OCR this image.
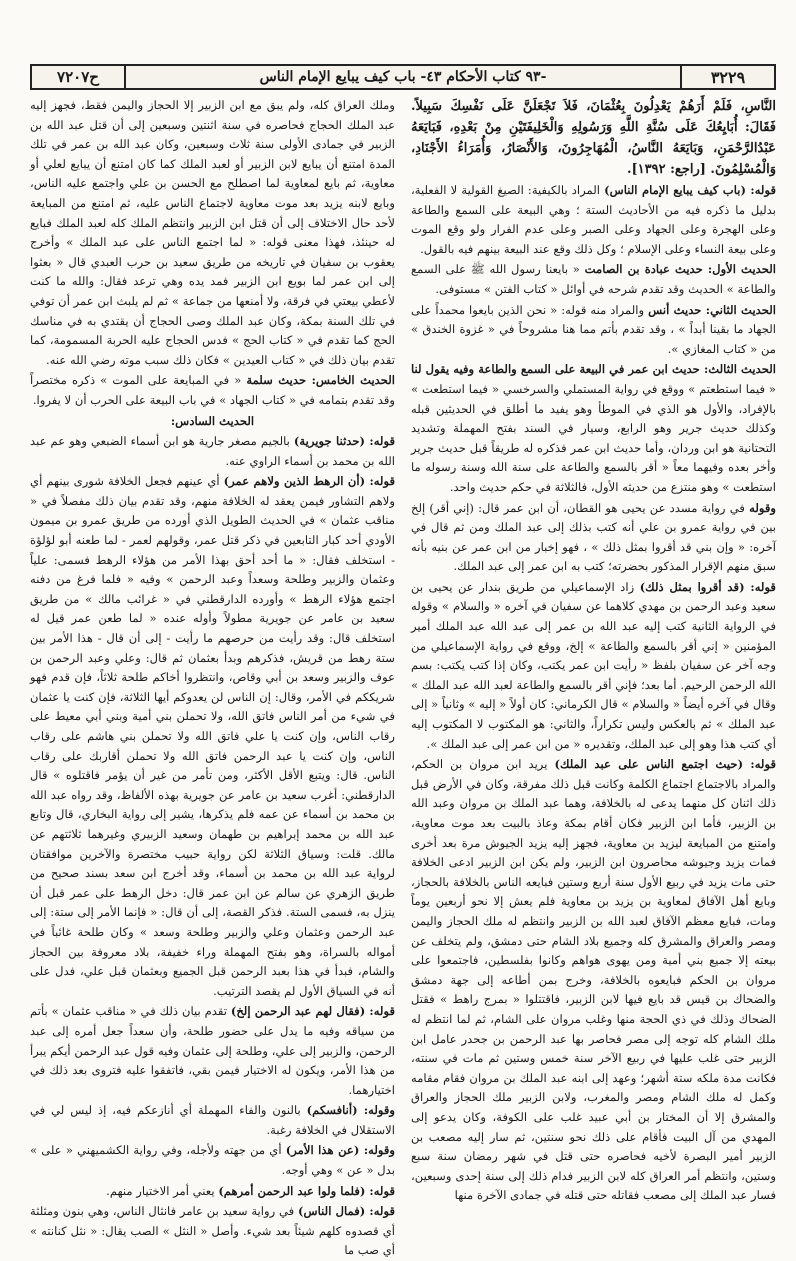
٣٢٢٩
-٩٣ كتاب الأحكام ٤٣- باب كيف يبايع الإمام الناس
ح٧٢٠٧

النَّاسِ، فَلَمْ أَرَهُمْ يَعْدِلُونَ بِعُثْمَانَ، فَلاَ تَجْعَلَنَّ عَلَى نَفْسِكَ سَبِيلاً. فَقَالَ: أُبَايِعُكَ عَلَى سُنَّةِ اللَّهِ وَرَسُولِهِ وَالْخَلِيفَتَيْنِ مِنْ بَعْدِهِ، فَبَايَعَهُ عَبْدُالرَّحْمَنِ، وَبَايَعَهُ النَّاسُ، الْمُهَاجِرُونَ، وَالأَنْصَارُ، وَأُمَرَاءُ الأَجْنَادِ، وَالْمُسْلِمُونَ. [راجع: ١٣٩٢].

قوله: (باب كيف يبايع الإمام الناس) المراد بالكيفية: الصيغ القولية لا الفعلية، بدليل ما ذكره فيه من الأحاديث الستة ؛ وهي البيعة على السمع والطاعة وعلى الهجرة وعلى الجهاد وعلى الصبر وعلى عدم الفرار ولو وقع الموت وعلى بيعة النساء وعلى الإسلام ؛ وكل ذلك وقع عند البيعة بينهم فيه بالقول.

الحديث الأول: حديث عبادة بن الصامت « بايعنا رسول الله ﷺ على السمع والطاعة » الحديث وقد تقدم شرحه في أوائل « كتاب الفتن » مستوفى.

الحديث الثاني: حديث أنس والمراد منه قوله: « نحن الذين بايعوا محمداً على الجهاد ما بقينا أبداً » ، وقد تقدم بأتم مما هنا مشروحاً في « غزوة الخندق » من « كتاب المغازي ».

الحديث الثالث: حديث ابن عمر في البيعة على السمع والطاعة وفيه يقول لنا « فيما استطعتم » ووقع في رواية المستملي والسرخسي « فيما استطعت » بالإفراد، والأول هو الذي في الموطأ وهو يفيد ما أطلق في الحديثين قبله وكذلك حديث جرير وهو الرابع، وسيار في السند بفتح المهملة وتشديد التحتانية هو ابن وردان، وأما حديث ابن عمر فذكره له طريقاً قبل حديث جرير وأخر بعده وفيهما معاً « أقر بالسمع والطاعة على سنة الله وسنة رسوله ما استطعت » وهو منتزع من حديثه الأول، فالثلاثة في حكم حديث واحد.

وقوله في رواية مسدد عن يحيى هو القطان، أن ابن عمر قال: (إني أقر) إلخ بين في رواية عمرو بن علي أنه كتب بذلك إلى عبد الملك ومن ثم قال في آخره: « وإن بني قد أقروا بمثل ذلك » ، فهو إخبار من ابن عمر عن بنيه بأنه سبق منهم الإقرار المذكور بحضرته؛ كتب به ابن عمر إلى عبد الملك.

قوله: (قد أقروا بمثل ذلك) زاد الإسماعيلي من طريق بندار عن يحيى بن سعيد وعبد الرحمن بن مهدي كلاهما عن سفيان في آخره « والسلام » وقوله في الرواية الثانية كتب إليه عبد الله بن عمر إلى عبد الله عبد الملك أمير المؤمنين « إني أقر بالسمع والطاعة » إلخ، ووقع في رواية الإسماعيلي من وجه آخر عن سفيان بلفظ « رأيت ابن عمر يكتب، وكان إذا كتب يكتب: بسم الله الرحمن الرحيم. أما بعد؛ فإني أقر بالسمع والطاعة لعبد الله عبد الملك » وقال في آخره أيضاً « والسلام » قال الكرماني: كان أولاً « إليه » وثانياً « إلى عبد الملك » ثم بالعكس وليس تكراراً، والثاني: هو المكتوب لا المكتوب إليه أي كتب هذا وهو إلى عبد الملك، وتقديره « من ابن عمر إلى عبد الملك ».

قوله: (حيث اجتمع الناس على عبد الملك) يريد ابن مروان بن الحكم، والمراد بالاجتماع اجتماع الكلمة وكانت قبل ذلك مفرقة، وكان في الأرض قبل ذلك اثنان كل منهما يدعى له بالخلافة، وهما عبد الملك بن مروان وعبد الله بن الزبير، فأما ابن الزبير فكان أقام بمكة وعاذ بالبيت بعد موت معاوية، وامتنع من المبايعة ليزيد بن معاوية، فجهز إليه يزيد الجيوش مرة بعد أخرى فمات يزيد وجيوشه محاصرون ابن الزبير، ولم يكن ابن الزبير ادعى الخلافة حتى مات يزيد في ربيع الأول سنة أربع وستين فبايعه الناس بالخلافة بالحجاز، وبايع أهل الآفاق لمعاوية بن يزيد بن معاوية فلم يعش إلا نحو أربعين يوماً ومات، فبايع معظم الآفاق لعبد الله بن الزبير وانتظم له ملك الحجاز واليمن ومصر والعراق والمشرق كله وجميع بلاد الشام حتى دمشق، ولم يتخلف عن بيعته إلا جميع بني أمية ومن يهوى هواهم وكانوا بفلسطين، فاجتمعوا على مروان بن الحكم فبايعوه بالخلافة، وخرج بمن أطاعه إلى جهة دمشق والضحاك بن قيس قد بايع فيها لابن الزبير، فاقتتلوا « بمرج راهط » فقتل الضحاك وذلك في ذي الحجة منها وغلب مروان على الشام، ثم لما انتظم له ملك الشام كله توجه إلى مصر فحاصر بها عبد الرحمن بن جحدر عامل ابن الزبير حتى غلب عليها في ربيع الآخر سنة خمس وستين ثم مات في سنته، فكانت مدة ملكه ستة أشهر؛ وعهد إلى ابنه عبد الملك بن مروان فقام مقامه وكمل له ملك الشام ومصر والمغرب، ولابن الزبير ملك الحجاز والعراق والمشرق إلا أن المختار بن أبي عبيد غلب على الكوفة، وكان يدعو إلى المهدي من آل البيت فأقام على ذلك نحو سنتين، ثم سار إليه مصعب بن الزبير أمير البصرة لأخيه فحاصره حتى قتل في شهر رمضان سنة سبع وستين، وانتظم أمر العراق كله لابن الزبير فدام ذلك إلى سنة إحدى وسبعين، فسار عبد الملك إلى مصعب فقاتله حتى قتله في جمادى الآخرة منها

وملك العراق كله، ولم يبق مع ابن الزبير إلا الحجاز واليمن فقط، فجهز إليه عبد الملك الحجاج فحاصره في سنة اثنتين وسبعين إلى أن قتل عبد الله بن الزبير في جمادى الأولى سنة ثلاث وسبعين، وكان عبد الله بن عمر في تلك المدة امتنع أن يبايع لابن الزبير أو لعبد الملك كما كان امتنع أن يبايع لعلي أو معاوية، ثم بايع لمعاوية لما اصطلح مع الحسن بن علي واجتمع عليه الناس، وبايع لابنه يزيد بعد موت معاوية لاجتماع الناس عليه، ثم امتنع من المبايعة لأحد حال الاختلاف إلى أن قتل ابن الزبير وانتظم الملك كله لعبد الملك فبايع له حينئذ، فهذا معنى قوله: « لما اجتمع الناس على عبد الملك » وأخرج يعقوب بن سفيان في تاريخه من طريق سعيد بن حرب العبدي قال « بعثوا إلى ابن عمر لما بويع ابن الزبير فمد يده وهي ترعد فقال: والله ما كنت لأعطي بيعتي في فرقة، ولا أمنعها من جماعة » ثم لم يلبث ابن عمر أن توفي في تلك السنة بمكة، وكان عبد الملك وصى الحجاج أن يقتدي به في مناسك الحج كما تقدم في « كتاب الحج » فدس الحجاج عليه الحربة المسمومة، كما تقدم بيان ذلك في « كتاب العيدين » فكان ذلك سبب موته رضي الله عنه.

الحديث الخامس: حديث سلمة « في المبايعة على الموت » ذكره مختصراً وقد تقدم بتمامه في « كتاب الجهاد » في باب البيعة على الحرب أن لا يفروا.

الحديث السادس:

قوله: (حدثنا جويرية) بالجيم مصغر جارية هو ابن أسماء الضبعي وهو عم عبد الله بن محمد بن أسماء الراوي عنه.

قوله: (أن الرهط الذين ولاهم عمر) أي عينهم فجعل الخلافة شورى بينهم أي ولاهم التشاور فيمن يعقد له الخلافة منهم، وقد تقدم بيان ذلك مفصلاً في « مناقب عثمان » في الحديث الطويل الذي أورده من طريق عمرو بن ميمون الأودي أحد كبار التابعين في ذكر قتل عمر، وقولهم لعمر - لما طعنه أبو لؤلؤة - استخلف فقال: « ما أحد أحق بهذا الأمر من هؤلاء الرهط فسمى: علياً وعثمان والزبير وطلحة وسعداً وعبد الرحمن » وفيه « فلما فرغ من دفنه اجتمع هؤلاء الرهط » وأورده الدارقطني في « غرائب مالك » من طريق سعيد بن عامر عن جويرية مطولاً وأوله عنده « لما طعن عمر قيل له استخلف قال: وقد رأيت من حرصهم ما رأيت - إلى أن قال - هذا الأمر بين ستة رهط من قريش، فذكرهم وبدأ بعثمان ثم قال: وعلي وعبد الرحمن بن عوف والزبير وسعد بن أبي وقاص، وانتظروا أخاكم طلحة ثلاثاً، فإن قدم فهو شريككم في الأمر، وقال: إن الناس لن يعدوكم أيها الثلاثة، فإن كنت يا عثمان في شيء من أمر الناس فاتق الله، ولا تحملن بني أمية وبني أبي معيط على رقاب الناس، وإن كنت يا علي فاتق الله ولا تحملن بني هاشم على رقاب الناس، وإن كنت يا عبد الرحمن فاتق الله ولا تحملن أقاربك على رقاب الناس. قال: ويتبع الأقل الأكثر، ومن تأمر من غير أن يؤمر فاقتلوه » قال الدارقطني: أغرب سعيد بن عامر عن جويرية بهذه الألفاظ، وقد رواه عبد الله بن محمد بن أسماء عن عمه فلم يذكرها، يشير إلى رواية البخاري، قال وتابع عبد الله بن محمد إبراهيم بن طهمان وسعيد الزبيري وغيرهما ثلاثتهم عن مالك. قلت: وسياق الثلاثة لكن رواية حبيب مختصرة والآخرين موافقتان لرواية عبد الله بن محمد بن أسماء، وقد أخرج ابن سعد بسند صحيح من طريق الزهري عن سالم عن ابن عمر قال: دخل الرهط على عمر قبل أن ينزل به، فسمى الستة. فذكر القصة، إلى أن قال: « فإنما الأمر إلى ستة: إلى عبد الرحمن وعثمان وعلي والزبير وطلحة وسعد » وكان طلحة غائباً في أمواله بالسراة، وهو بفتح المهملة وراء خفيفة، بلاد معروفة بين الحجاز والشام، فبدأ في هذا بعبد الرحمن قبل الجميع وبعثمان قبل علي، فدل على أنه في السياق الأول لم يقصد الترتيب.

قوله: (فقال لهم عبد الرحمن إلخ) تقدم بيان ذلك في « مناقب عثمان » بأتم من سياقه وفيه ما يدل على حضور طلحة، وأن سعداً جعل أمره إلى عبد الرحمن، والزبير إلى علي، وطلحة إلى عثمان وفيه قول عبد الرحمن أيكم يبرأ من هذا الأمر، ويكون له الاختيار فيمن بقي، فاتفقوا عليه فتروى بعد ذلك في اختيارهما.

وقوله: (أنافسكم) بالنون والفاء المهملة أي أنازعكم فيه، إذ ليس لي في الاستقلال في الخلافة رغبة.

وقوله: (عن هذا الأمر) أي من جهته ولأجله، وفي رواية الكشميهني « على » بدل « عن » وهي أوجه.

قوله: (فلما ولوا عبد الرحمن أمرهم) يعني أمر الاختيار منهم.

قوله: (فمال الناس) في رواية سعيد بن عامر فانثال الناس، وهي بنون ومثلثة أي قصدوه كلهم شيئاً بعد شيء. وأصل « النثل » الصب يقال: « نثل كنانته » أي صب ما
